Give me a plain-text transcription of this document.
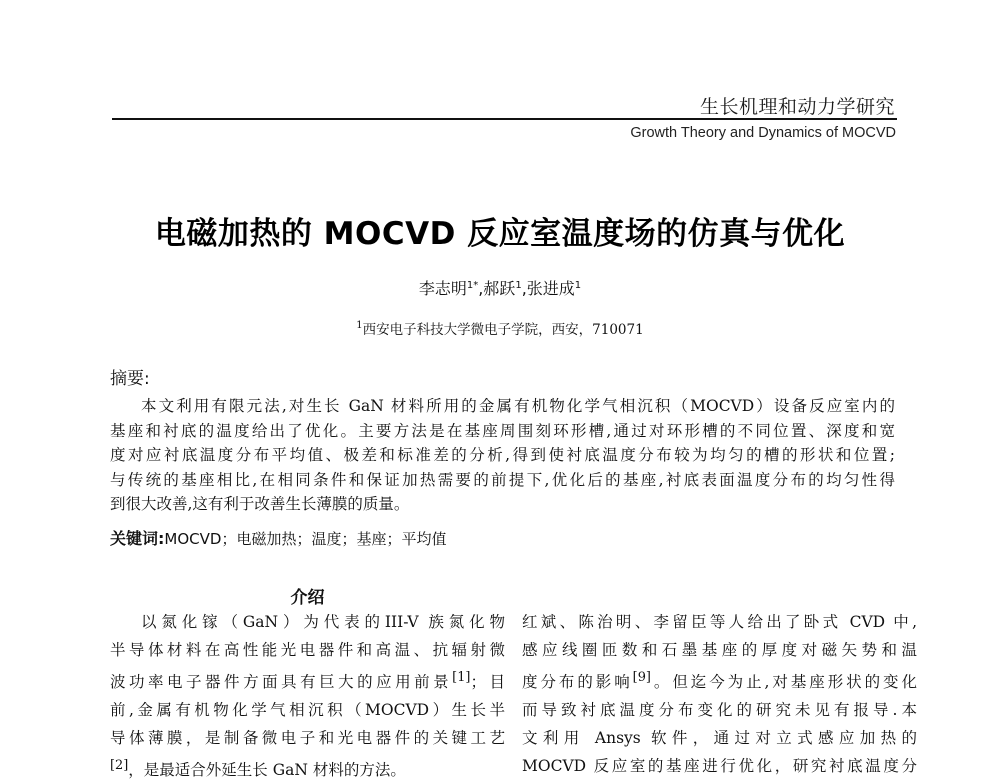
生长机理和动力学研究
Growth Theory and Dynamics of MOCVD
电磁加热的 MOCVD 反应室温度场的仿真与优化
李志明$^{1*}$,郝跃$^1$,张进成$^1$
$^1$西安电子科技大学微电子学院，西安，710071
摘要:
本文利用有限元法,对生长 GaN 材料所用的金属有机物化学气相沉积（MOCVD）设备反应室内的
基座和衬底的温度给出了优化。主要方法是在基座周围刻环形槽,通过对环形槽的不同位置、深度和宽
度对应衬底温度分布平均值、极差和标准差的分析,得到使衬底温度分布较为均匀的槽的形状和位置;
与传统的基座相比,在相同条件和保证加热需要的前提下,优化后的基座,衬底表面温度分布的均匀性得
到很大改善,这有利于改善生长薄膜的质量。
关键词:MOCVD；电磁加热；温度；基座；平均值
介绍
以氮化镓（GaN）为代表的III-V 族氮化物
半导体材料在高性能光电器件和高温、抗辐射微
波功率电子器件方面具有巨大的应用前景[1]；目
前,金属有机物化学气相沉积（MOCVD）生长半
导体薄膜，是制备微电子和光电器件的关键工艺
[2]，是最适合外延生长 GaN 材料的方法。
红斌、陈治明、李留臣等人给出了卧式 CVD 中,
感应线圈匝数和石墨基座的厚度对磁矢势和温
度分布的影响[9]。但迄今为止,对基座形状的变化
而导致衬底温度分布变化的研究未见有报导.本
文利用 Ansys 软件，通过对立式感应加热的
MOCVD 反应室的基座进行优化，研究衬底温度分
